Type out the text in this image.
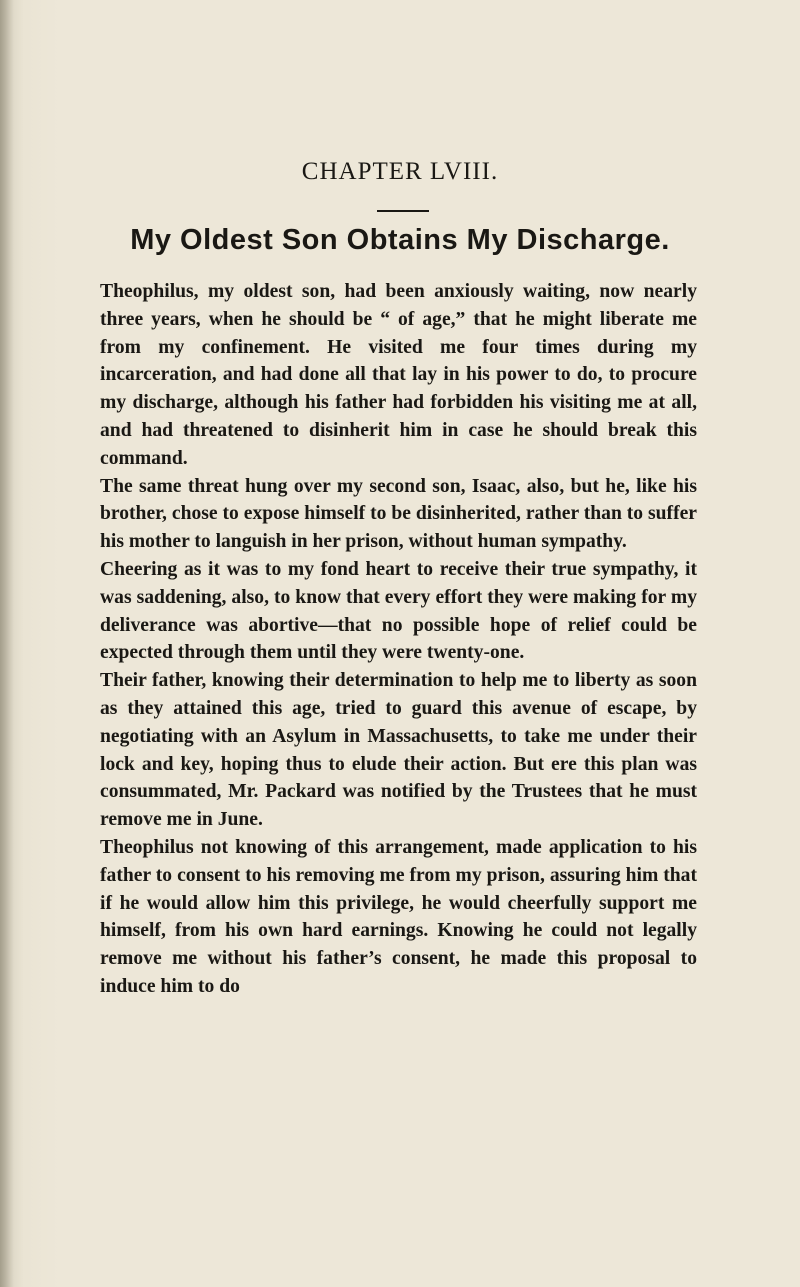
CHAPTER LVIII.
My Oldest Son Obtains My Discharge.

Theophilus, my oldest son, had been anxiously waiting, now nearly three years, when he should be “ of age,” that he might liberate me from my confinement. He visited me four times during my incarceration, and had done all that lay in his power to do, to procure my discharge, although his father had forbidden his visiting me at all, and had threatened to disinherit him in case he should break this command.

The same threat hung over my second son, Isaac, also, but he, like his brother, chose to expose himself to be disinherited, rather than to suffer his mother to languish in her prison, without human sympathy.

Cheering as it was to my fond heart to receive their true sympathy, it was saddening, also, to know that every effort they were making for my deliverance was abortive—that no possible hope of relief could be expected through them until they were twenty-one.

Their father, knowing their determination to help me to liberty as soon as they attained this age, tried to guard this avenue of escape, by negotiating with an Asylum in Massachusetts, to take me under their lock and key, hoping thus to elude their action. But ere this plan was consummated, Mr. Packard was notified by the Trustees that he must remove me in June.

Theophilus not knowing of this arrangement, made application to his father to consent to his removing me from my prison, assuring him that if he would allow him this privilege, he would cheerfully support me himself, from his own hard earnings. Knowing he could not legally remove me without his father’s consent, he made this proposal to induce him to do
